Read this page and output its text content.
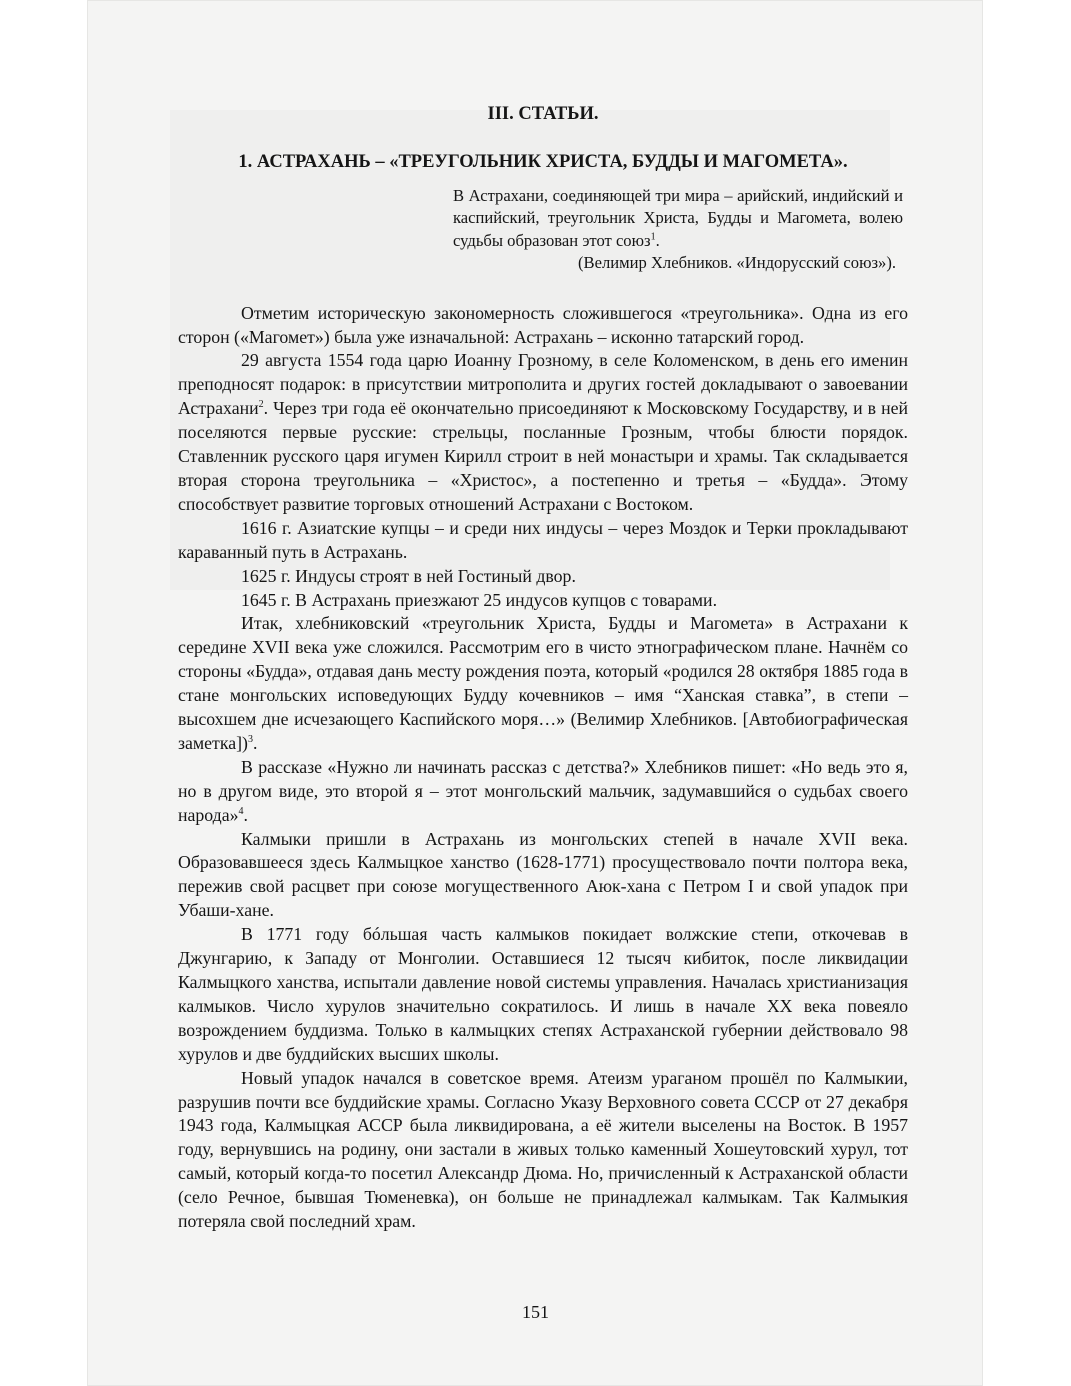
III. СТАТЬИ.
1. АСТРАХАНЬ – «ТРЕУГОЛЬНИК ХРИСТА, БУДДЫ И МАГОМЕТА».
В Астрахани, соединяющей три мира – арийский, индийский и каспийский, треугольник Христа, Будды и Магомета, волею судьбы образован этот союз$^1$.
(Велимир Хлебников. «Индорусский союз»).

Отметим историческую закономерность сложившегося «треугольника». Одна из его сторон («Магомет») была уже изначальной: Астрахань – исконно татарский город.

29 августа 1554 года царю Иоанну Грозному, в селе Коломенском, в день его именин преподносят подарок: в присутствии митрополита и других гостей докладывают о завоевании Астрахани$^2$. Через три года её окончательно присоединяют к Московскому Государству, и в ней поселяются первые русские: стрельцы, посланные Грозным, чтобы блюсти порядок. Ставленник русского царя игумен Кирилл строит в ней монастыри и храмы. Так складывается вторая сторона треугольника – «Христос», а постепенно и третья – «Будда». Этому способствует развитие торговых отношений Астрахани с Востоком.

1616 г. Азиатские купцы – и среди них индусы – через Моздок и Терки прокладывают караванный путь в Астрахань.

1625 г. Индусы строят в ней Гостиный двор.

1645 г. В Астрахань приезжают 25 индусов купцов с товарами.

Итак, хлебниковский «треугольник Христа, Будды и Магомета» в Астрахани к середине XVII века уже сложился. Рассмотрим его в чисто этнографическом плане. Начнём со стороны «Будда», отдавая дань месту рождения поэта, который «родился 28 октября 1885 года в стане монгольских исповедующих Будду кочевников – имя “Ханская ставка”, в степи – высохшем дне исчезающего Каспийского моря…» (Велимир Хлебников. [Автобиографическая заметка])$^3$.

В рассказе «Нужно ли начинать рассказ с детства?» Хлебников пишет: «Но ведь это я, но в другом виде, это второй я – этот монгольский мальчик, задумавшийся о судьбах своего народа»$^4$.

Калмыки пришли в Астрахань из монгольских степей в начале XVII века. Образовавшееся здесь Калмыцкое ханство (1628-1771) просуществовало почти полтора века, пережив свой расцвет при союзе могущественного Аюк-хана с Петром I и свой упадок при Убаши-хане.

В 1771 году бóльшая часть калмыков покидает волжские степи, откочевав в Джунгарию, к Западу от Монголии. Оставшиеся 12 тысяч кибиток, после ликвидации Калмыцкого ханства, испытали давление новой системы управления. Началась христианизация калмыков. Число хурулов значительно сократилось. И лишь в начале XX века повеяло возрождением буддизма. Только в калмыцких степях Астраханской губернии действовало 98 хурулов и две буддийских высших школы.

Новый упадок начался в советское время. Атеизм ураганом прошёл по Калмыкии, разрушив почти все буддийские храмы. Согласно Указу Верховного совета СССР от 27 декабря 1943 года, Калмыцкая АССР была ликвидирована, а её жители выселены на Восток. В 1957 году, вернувшись на родину, они застали в живых только каменный Хошеутовский хурул, тот самый, который когда-то посетил Александр Дюма. Но, причисленный к Астраханской области (село Речное, бывшая Тюменевка), он больше не принадлежал калмыкам. Так Калмыкия потеряла свой последний храм.

151
